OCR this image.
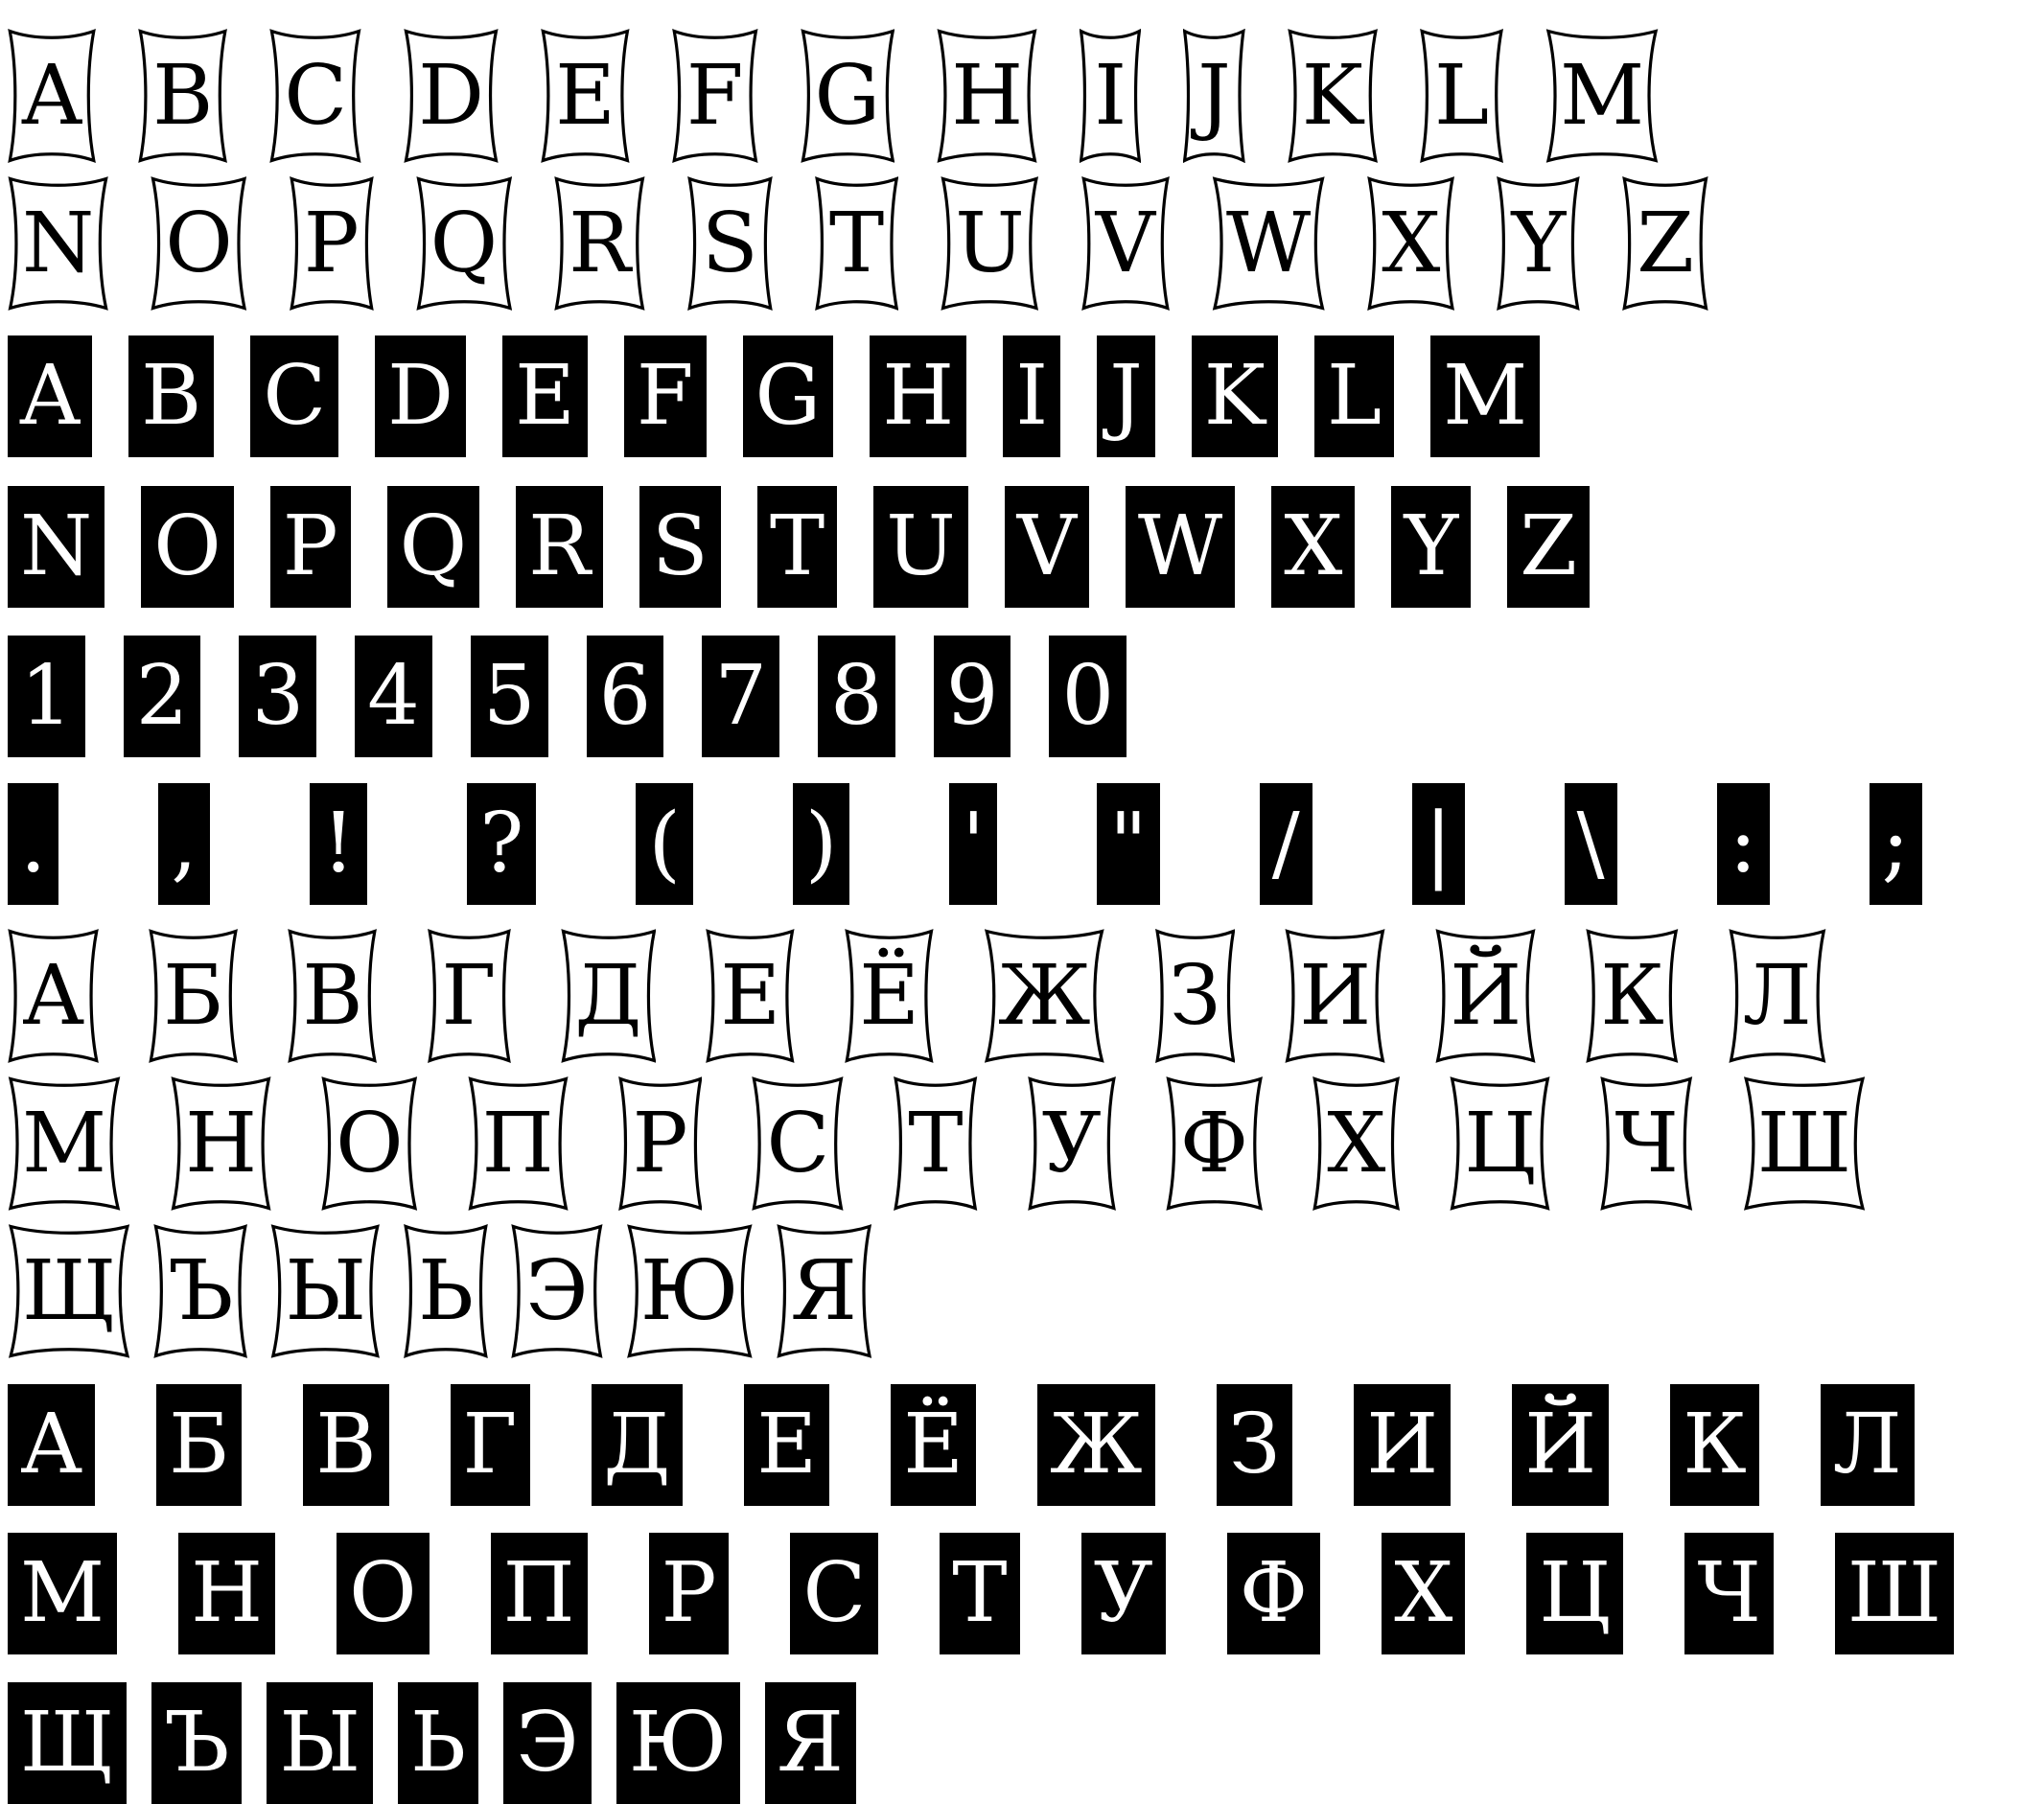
A B C D E F G H I J K L M
N O P Q R S T U V W X Y Z
A B C D E F G H I J K L M
N O P Q R S T U V W X Y Z
1 2 3 4 5 6 7 8 9 0
. , ! ? ( ) ' " / | \ : ;
А Б В Г Д Е Ё Ж З И Й К Л
М Н О П Р С Т У Ф Х Ц Ч Ш
Щ Ъ Ы Ь Э Ю Я
А Б В Г Д Е Ё Ж З И Й К Л
М Н О П Р С Т У Ф Х Ц Ч Ш
Щ Ъ Ы Ь Э Ю Я
